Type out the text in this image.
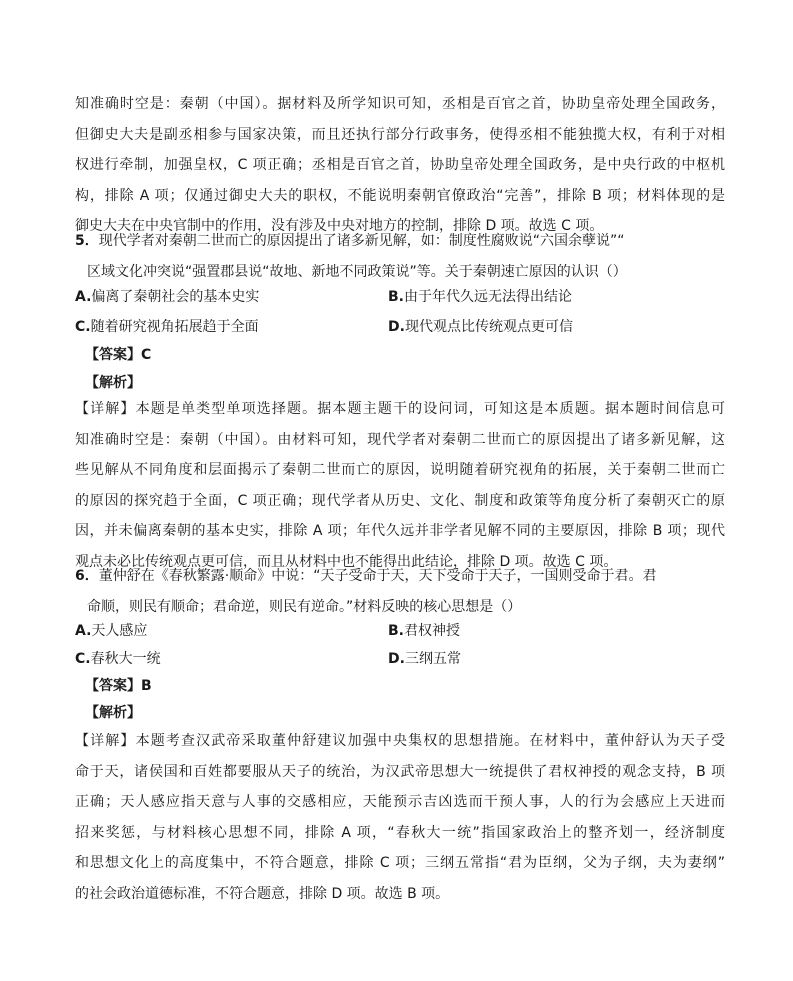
知准确时空是：秦朝（中国）。据材料及所学知识可知，丞相是百官之首，协助皇帝处理全国政务，
但御史大夫是副丞相参与国家决策，而且还执行部分行政事务，使得丞相不能独揽大权，有利于对相
权进行牵制，加强皇权，C 项正确；丞相是百官之首，协助皇帝处理全国政务，是中央行政的中枢机
构，排除 A 项；仅通过御史大夫的职权，不能说明秦朝官僚政治“完善”，排除 B 项；材料体现的是
御史大夫在中央官制中的作用，没有涉及中央对地方的控制，排除 D 项。故选 C 项。
5．现代学者对秦朝二世而亡的原因提出了诸多新见解，如：制度性腐败说“六国余孽说”“
区域文化冲突说“强置郡县说“故地、新地不同政策说”等。关于秦朝速亡原因的认识（）
A.偏离了秦朝社会的基本史实	B.由于年代久远无法得出结论
C.随着研究视角拓展趋于全面	D.现代观点比传统观点更可信
【答案】C
【解析】
【详解】本题是单类型单项选择题。据本题主题干的设问词，可知这是本质题。据本题时间信息可
知准确时空是：秦朝（中国）。由材料可知，现代学者对秦朝二世而亡的原因提出了诸多新见解，这
些见解从不同角度和层面揭示了秦朝二世而亡的原因，说明随着研究视角的拓展，关于秦朝二世而亡
的原因的探究趋于全面，C 项正确；现代学者从历史、文化、制度和政策等角度分析了秦朝灭亡的原
因，并未偏离秦朝的基本史实，排除 A 项；年代久远并非学者见解不同的主要原因，排除 B 项；现代
观点未必比传统观点更可信，而且从材料中也不能得出此结论，排除 D 项。故选 C 项。
6．董仲舒在《春秋繁露·顺命》中说：“天子受命于天，天下受命于天子，一国则受命于君。君
命顺，则民有顺命；君命逆，则民有逆命。”材料反映的核心思想是（）
A.天人感应	B.君权神授
C.春秋大一统	D.三纲五常
【答案】B
【解析】
【详解】本题考查汉武帝采取董仲舒建议加强中央集权的思想措施。在材料中，董仲舒认为天子受
命于天，诸侯国和百姓都要服从天子的统治，为汉武帝思想大一统提供了君权神授的观念支持，B 项
正确；天人感应指天意与人事的交感相应，天能预示吉凶选而干预人事，人的行为会感应上天进而
招来奖惩，与材料核心思想不同，排除 A 项，“春秋大一统”指国家政治上的整齐划一，经济制度
和思想文化上的高度集中，不符合题意，排除 C 项；三纲五常指“君为臣纲，父为子纲，夫为妻纲”
的社会政治道德标准，不符合题意，排除 D 项。故选 B 项。
